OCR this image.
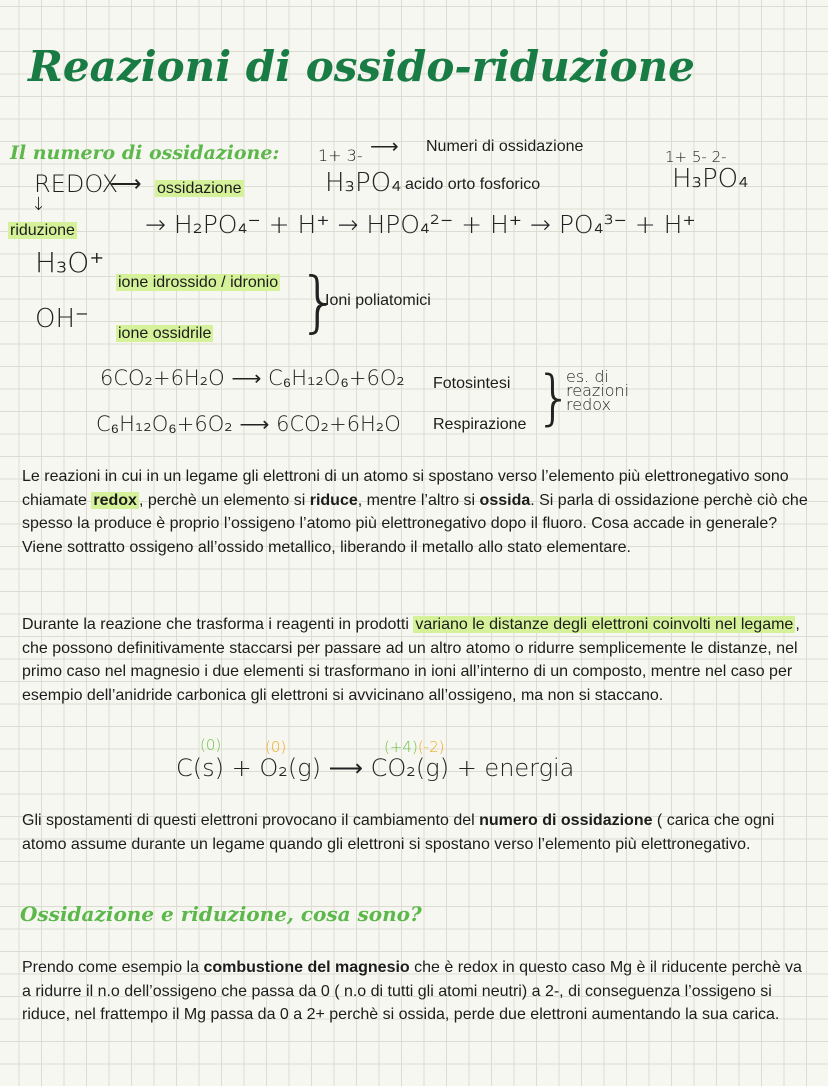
Reazioni di ossido-riduzione
Il numero di ossidazione:
REDOX
⟶ ossidazione
↓
riduzione
1+ 3- ⟶ Numeri di ossidazione
H₃PO₄ acido orto fosforico
1+ 5- 2-
H₃PO₄
→ H₂PO₄⁻ + H⁺ → HPO₄²⁻ + H⁺ → PO₄³⁻ + H⁺
H₃O⁺
ione idrossido / idronio
OH⁻ ione ossidrile }
Ioni poliatomici
6CO₂+6H₂O ⟶ C₆H₁₂O₆+6O₂ Fotosintesi
C₆H₁₂O₆+6O₂ ⟶ 6CO₂+6H₂O Respirazione }
es. di reazioni redox
Le reazioni in cui in un legame gli elettroni di un atomo si spostano verso l’elemento più elettronegativo sono chiamate redox , perchè un elemento si riduce, mentre l’altro si ossida. Si parla di ossidazione perchè ciò che spesso la produce è proprio l’ossigeno l’atomo più elettronegativo dopo il fluoro. Cosa accade in generale? Viene sottratto ossigeno all’ossido metallico, liberando il metallo allo stato elementare.
Durante la reazione che trasforma i reagenti in prodotti variano le distanze degli elettroni coinvolti nel legame , che possono definitivamente staccarsi per passare ad un altro atomo o ridurre semplicemente le distanze, nel primo caso nel magnesio i due elementi si trasformano in ioni all’interno di un composto, mentre nel caso per esempio dell’anidride carbonica gli elettroni si avvicinano all’ossigeno, ma non si staccano.
(0)	(0)	(+4)(-2)
C(s) + O₂(g) ⟶ CO₂(g) + energia
Gli spostamenti di questi elettroni provocano il cambiamento del numero di ossidazione ( carica che ogni atomo assume durante un legame quando gli elettroni si spostano verso l’elemento più elettronegativo.
Ossidazione e riduzione, cosa sono?
Prendo come esempio la combustione del magnesio che è redox in questo caso Mg è il riducente perchè va a ridurre il n.o dell’ossigeno che passa da 0 ( n.o di tutti gli atomi neutri) a 2-, di conseguenza l’ossigeno si riduce, nel frattempo il Mg passa da 0 a 2+ perchè si ossida, perde due elettroni aumentando la sua carica.
